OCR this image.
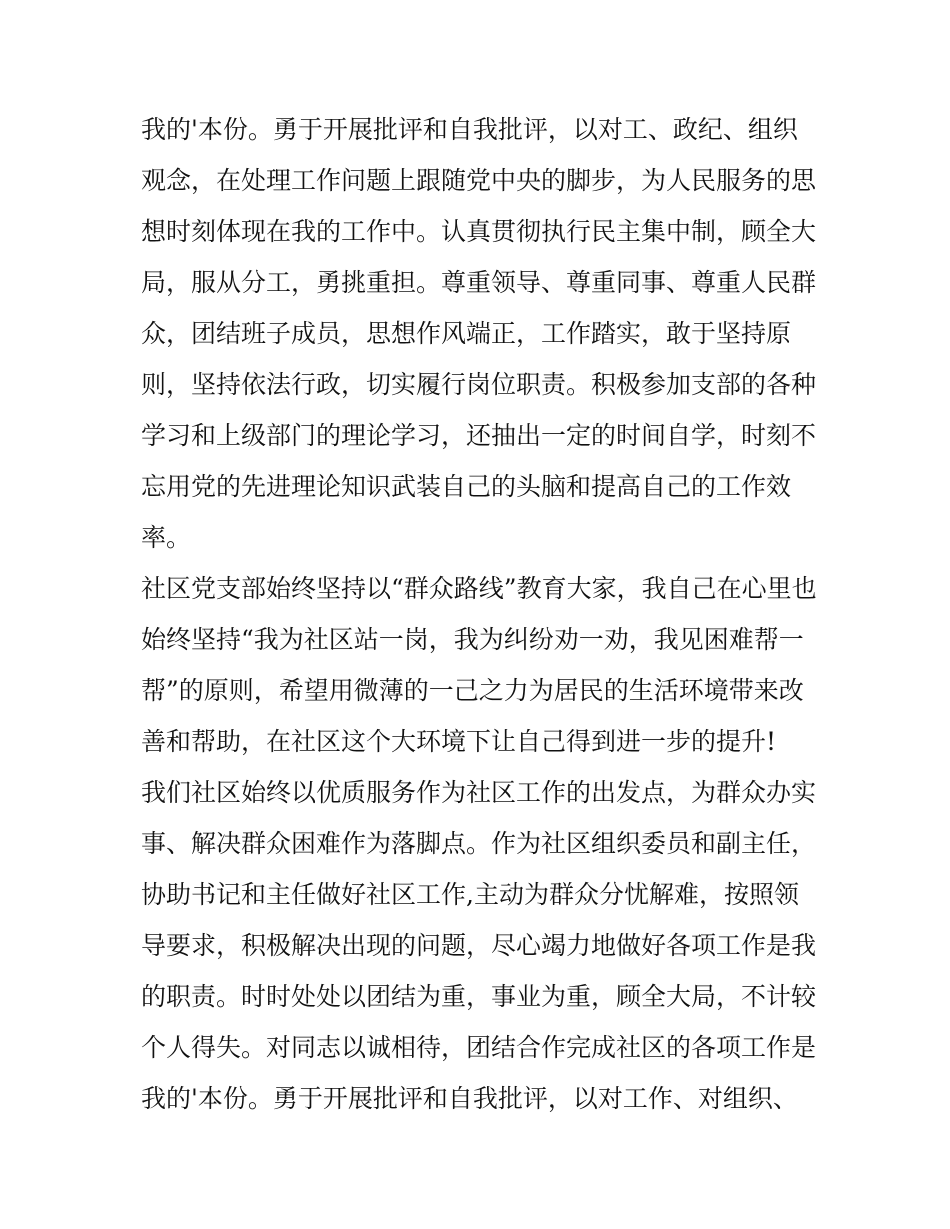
我的'本份。勇于开展批评和自我批评，以对工、政纪、组织
观念，在处理工作问题上跟随党中央的脚步，为人民服务的思
想时刻体现在我的工作中。认真贯彻执行民主集中制，顾全大
局，服从分工，勇挑重担。尊重领导、尊重同事、尊重人民群
众，团结班子成员，思想作风端正，工作踏实，敢于坚持原
则，坚持依法行政，切实履行岗位职责。积极参加支部的各种
学习和上级部门的理论学习，还抽出一定的时间自学，时刻不
忘用党的先进理论知识武装自己的头脑和提高自己的工作效
率。
社区党支部始终坚持以“群众路线”教育大家，我自己在心里也
始终坚持“我为社区站一岗，我为纠纷劝一劝，我见困难帮一
帮”的原则，希望用微薄的一己之力为居民的生活环境带来改
善和帮助，在社区这个大环境下让自己得到进一步的提升!
我们社区始终以优质服务作为社区工作的出发点，为群众办实
事、解决群众困难作为落脚点。作为社区组织委员和副主任，
协助书记和主任做好社区工作,主动为群众分忧解难，按照领
导要求，积极解决出现的问题，尽心竭力地做好各项工作是我
的职责。时时处处以团结为重，事业为重，顾全大局，不计较
个人得失。对同志以诚相待，团结合作完成社区的各项工作是
我的'本份。勇于开展批评和自我批评，以对工作、对组织、
